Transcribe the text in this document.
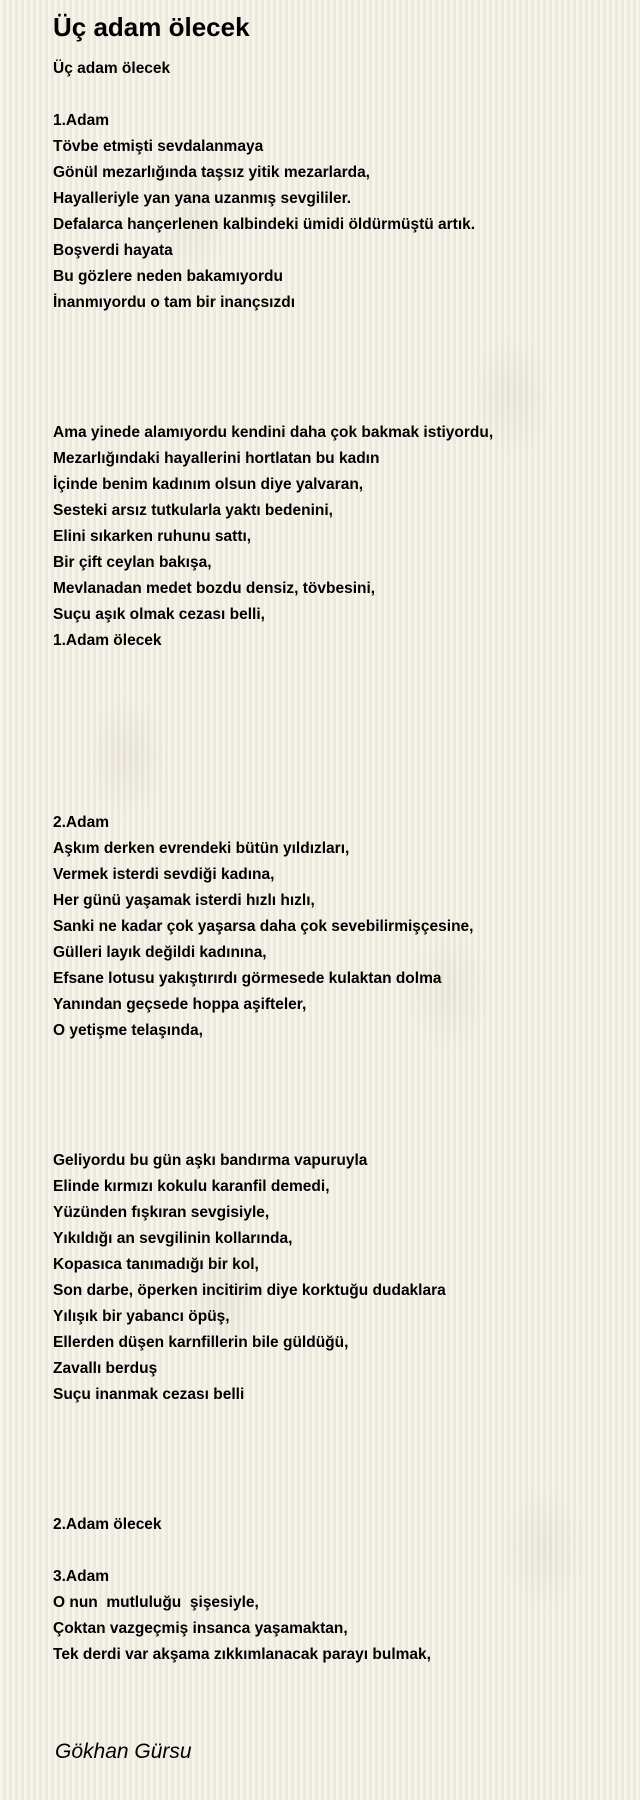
Üç adam ölecek
Üç adam ölecek
1.Adam
Tövbe etmişti sevdalanmaya
Gönül mezarlığında taşsız yitik mezarlarda,
Hayalleriyle yan yana uzanmış sevgililer.
Defalarca hançerlenen kalbindeki ümidi öldürmüştü artık.
Boşverdi hayata
Bu gözlere neden bakamıyordu
İnanmıyordu o tam bir inançsızdı
Ama yinede alamıyordu kendini daha çok bakmak istiyordu,
Mezarlığındaki hayallerini hortlatan bu kadın
İçinde benim kadınım olsun diye yalvaran,
Sesteki arsız tutkularla yaktı bedenini,
Elini sıkarken ruhunu sattı,
Bir çift ceylan bakışa,
Mevlanadan medet bozdu densiz, tövbesini,
Suçu aşık olmak cezası belli,
1.Adam ölecek
2.Adam
Aşkım derken evrendeki bütün yıldızları,
Vermek isterdi sevdiği kadına,
Her günü yaşamak isterdi hızlı hızlı,
Sanki ne kadar çok yaşarsa daha çok sevebilirmişçesine,
Gülleri layık değildi kadınına,
Efsane lotusu yakıştırırdı görmesede kulaktan dolma
Yanından geçsede hoppa aşifteler,
O yetişme telaşında,
Geliyordu bu gün aşkı bandırma vapuruyla
Elinde kırmızı kokulu karanfil demedi,
Yüzünden fışkıran sevgisiyle,
Yıkıldığı an sevgilinin kollarında,
Kopasıca tanımadığı bir kol,
Son darbe, öperken incitirim diye korktuğu dudaklara
Yılışık bir yabancı öpüş,
Ellerden düşen karnfillerin bile güldüğü,
Zavallı berduş
Suçu inanmak cezası belli
2.Adam ölecek
3.Adam
O nun  mutluluğu  şişesiyle,
Çoktan vazgeçmiş insanca yaşamaktan,
Tek derdi var akşama zıkkımlanacak parayı bulmak,
Gökhan Gürsu
